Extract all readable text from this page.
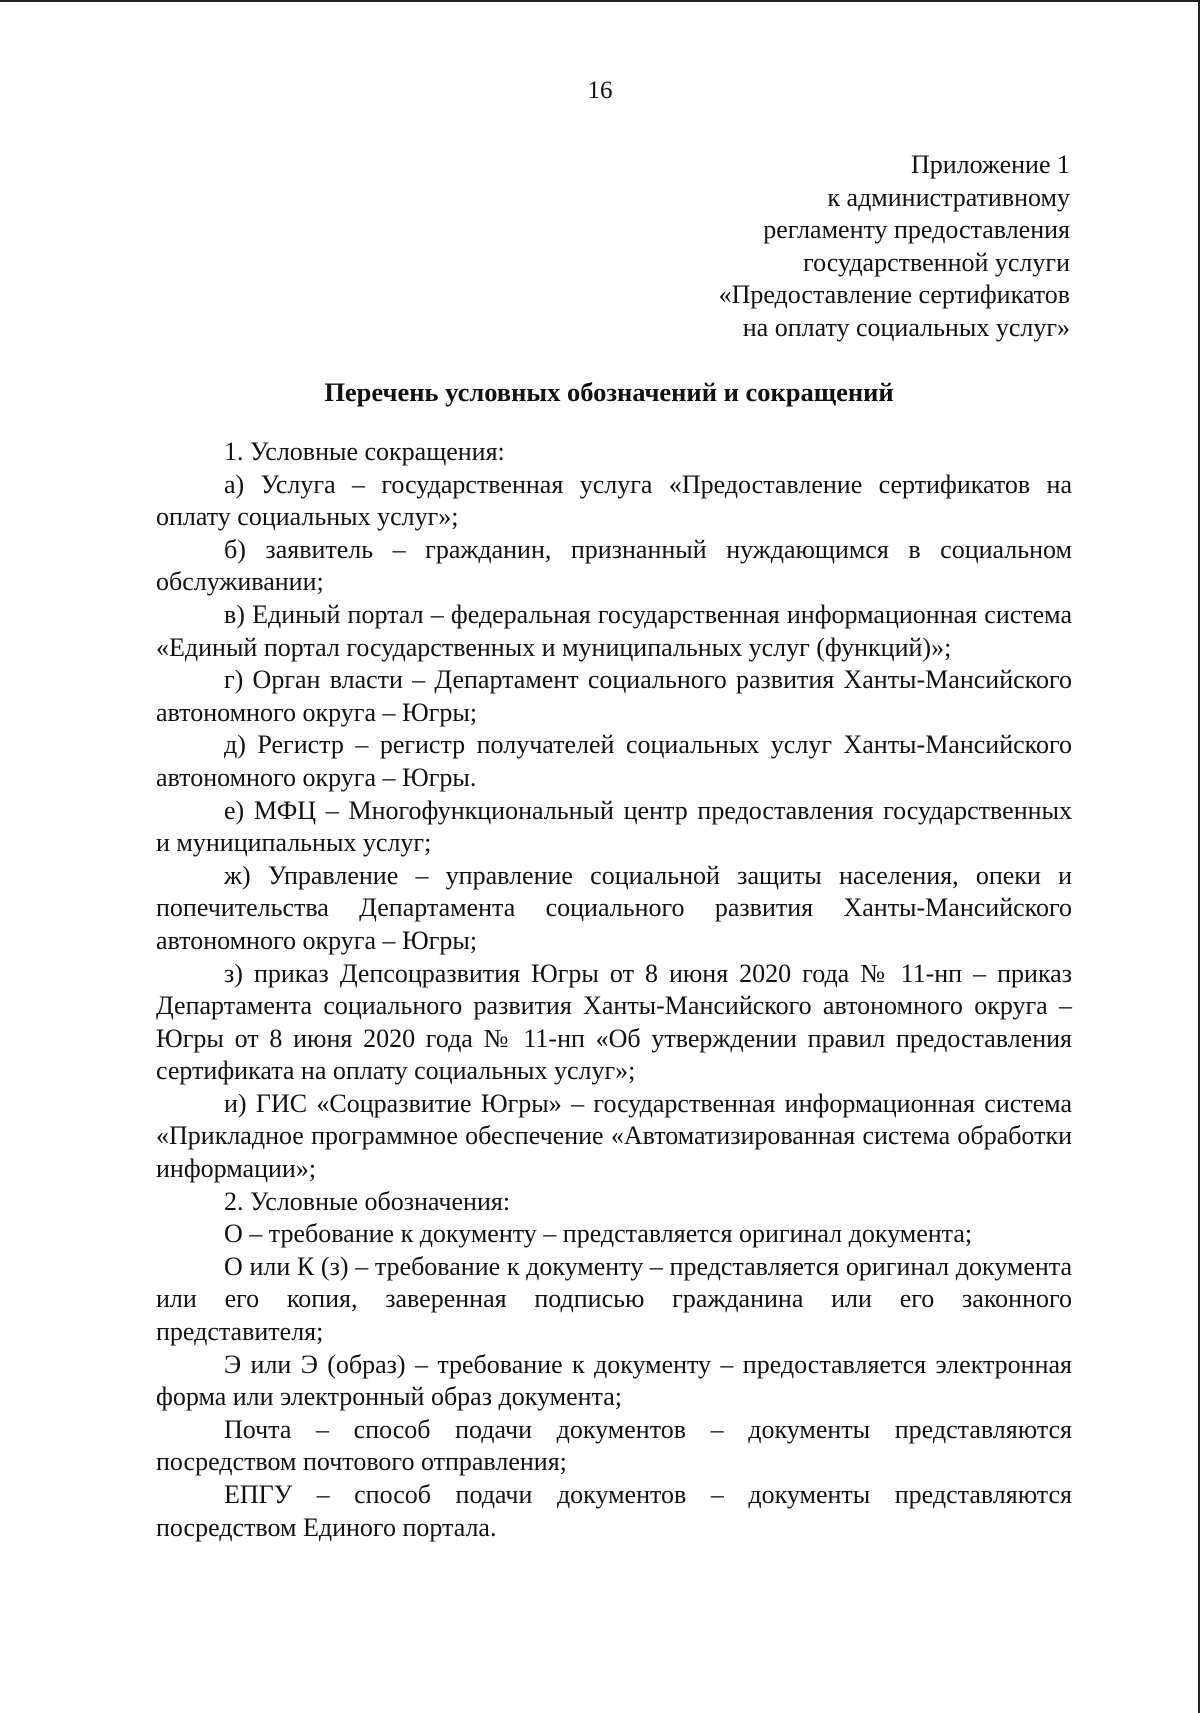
16
Приложение 1
к административному
регламенту предоставления
государственной услуги
«Предоставление сертификатов
на оплату социальных услуг»
Перечень условных обозначений и сокращений

1. Условные сокращения:

а) Услуга – государственная услуга «Предоставление сертификатов на оплату социальных услуг»;

б) заявитель – гражданин, признанный нуждающимся в социальном обслуживании;

в) Единый портал – федеральная государственная информационная система «Единый портал государственных и муниципальных услуг (функций)»;

г) Орган власти – Департамент социального развития Ханты-Мансийского автономного округа – Югры;

д) Регистр – регистр получателей социальных услуг Ханты-Мансийского автономного округа – Югры.

е) МФЦ – Многофункциональный центр предоставления государственных и муниципальных услуг;

ж) Управление – управление социальной защиты населения, опеки и попечительства Департамента социального развития Ханты-Мансийского автономного округа – Югры;

з) приказ Депсоцразвития Югры от 8 июня 2020 года № 11-нп – приказ Департамента социального развития Ханты-Мансийского автономного округа – Югры от 8 июня 2020 года № 11-нп «Об утверждении правил предоставления сертификата на оплату социальных услуг»;

и) ГИС «Соцразвитие Югры» – государственная информационная система «Прикладное программное обеспечение «Автоматизированная система обработки информации»;

2. Условные обозначения:

О – требование к документу – представляется оригинал документа;

О или К (з) – требование к документу – представляется оригинал документа или его копия, заверенная подписью гражданина или его законного представителя;

Э или Э (образ) – требование к документу – предоставляется электронная форма или электронный образ документа;

Почта – способ подачи документов – документы представляются посредством почтового отправления;

ЕПГУ – способ подачи документов – документы представляются посредством Единого портала.
